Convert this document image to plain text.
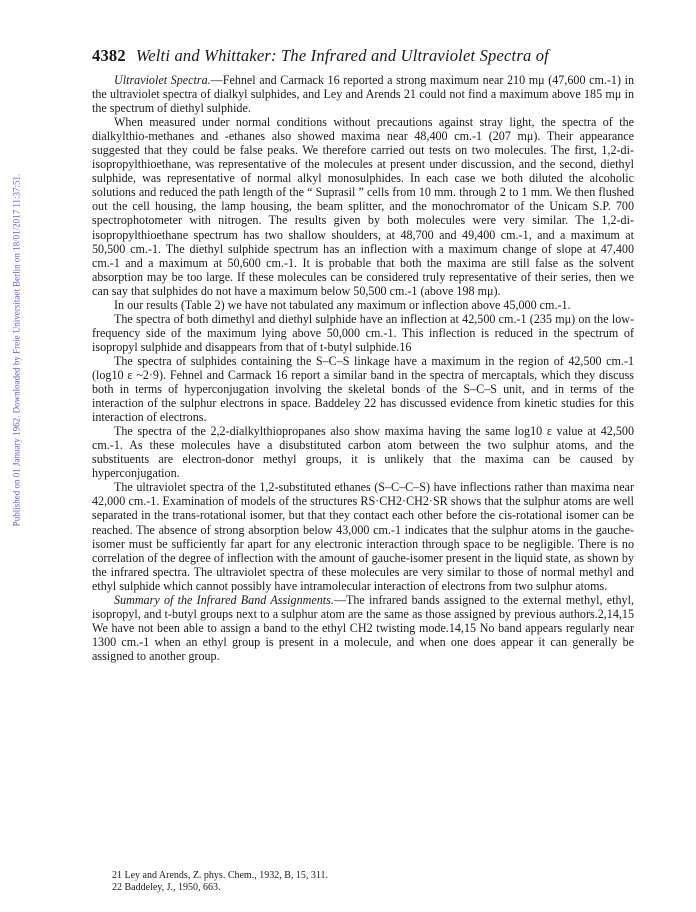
Published on 01 January 1962. Downloaded by Freie Universitaet Berlin on 18/01/2017 11:37:51.
4382 Welti and Whittaker: The Infrared and Ultraviolet Spectra of

Ultraviolet Spectra.—Fehnel and Carmack 16 reported a strong maximum near 210 mμ (47,600 cm.-1) in the ultraviolet spectra of dialkyl sulphides, and Ley and Arends 21 could not find a maximum above 185 mμ in the spectrum of diethyl sulphide.

When measured under normal conditions without precautions against stray light, the spectra of the dialkylthio-methanes and -ethanes also showed maxima near 48,400 cm.-1 (207 mμ). Their appearance suggested that they could be false peaks. We therefore carried out tests on two molecules. The first, 1,2-di-isopropylthioethane, was representative of the molecules at present under discussion, and the second, diethyl sulphide, was representative of normal alkyl monosulphides. In each case we both diluted the alcoholic solutions and reduced the path length of the “ Suprasil ” cells from 10 mm. through 2 to 1 mm. We then flushed out the cell housing, the lamp housing, the beam splitter, and the monochromator of the Unicam S.P. 700 spectrophotometer with nitrogen. The results given by both molecules were very similar. The 1,2-di-isopropylthioethane spectrum has two shallow shoulders, at 48,700 and 49,400 cm.-1, and a maximum at 50,500 cm.-1. The diethyl sulphide spectrum has an inflection with a maximum change of slope at 47,400 cm.-1 and a maximum at 50,600 cm.-1. It is probable that both the maxima are still false as the solvent absorption may be too large. If these molecules can be considered truly representative of their series, then we can say that sulphides do not have a maximum below 50,500 cm.-1 (above 198 mμ).

In our results (Table 2) we have not tabulated any maximum or inflection above 45,000 cm.-1.

The spectra of both dimethyl and diethyl sulphide have an inflection at 42,500 cm.-1 (235 mμ) on the low-frequency side of the maximum lying above 50,000 cm.-1. This inflection is reduced in the spectrum of isopropyl sulphide and disappears from that of t-butyl sulphide.16

The spectra of sulphides containing the S–C–S linkage have a maximum in the region of 42,500 cm.-1 (log10 ε ~2·9). Fehnel and Carmack 16 report a similar band in the spectra of mercaptals, which they discuss both in terms of hyperconjugation involving the skeletal bonds of the S–C–S unit, and in terms of the interaction of the sulphur electrons in space. Baddeley 22 has discussed evidence from kinetic studies for this interaction of electrons.

The spectra of the 2,2-dialkylthiopropanes also show maxima having the same log10 ε value at 42,500 cm.-1. As these molecules have a disubstituted carbon atom between the two sulphur atoms, and the substituents are electron-donor methyl groups, it is unlikely that the maxima can be caused by hyperconjugation.

The ultraviolet spectra of the 1,2-substituted ethanes (S–C–C–S) have inflections rather than maxima near 42,000 cm.-1. Examination of models of the structures RS·CH2·CH2·SR shows that the sulphur atoms are well separated in the trans-rotational isomer, but that they contact each other before the cis-rotational isomer can be reached. The absence of strong absorption below 43,000 cm.-1 indicates that the sulphur atoms in the gauche-isomer must be sufficiently far apart for any electronic interaction through space to be negligible. There is no correlation of the degree of inflection with the amount of gauche-isomer present in the liquid state, as shown by the infrared spectra. The ultraviolet spectra of these molecules are very similar to those of normal methyl and ethyl sulphide which cannot possibly have intramolecular interaction of electrons from two sulphur atoms.

Summary of the Infrared Band Assignments.—The infrared bands assigned to the external methyl, ethyl, isopropyl, and t-butyl groups next to a sulphur atom are the same as those assigned by previous authors.2,14,15 We have not been able to assign a band to the ethyl CH2 twisting mode.14,15 No band appears regularly near 1300 cm.-1 when an ethyl group is present in a molecule, and when one does appear it can generally be assigned to another group.

21 Ley and Arends, Z. phys. Chem., 1932, B, 15, 311.
22 Baddeley, J., 1950, 663.
